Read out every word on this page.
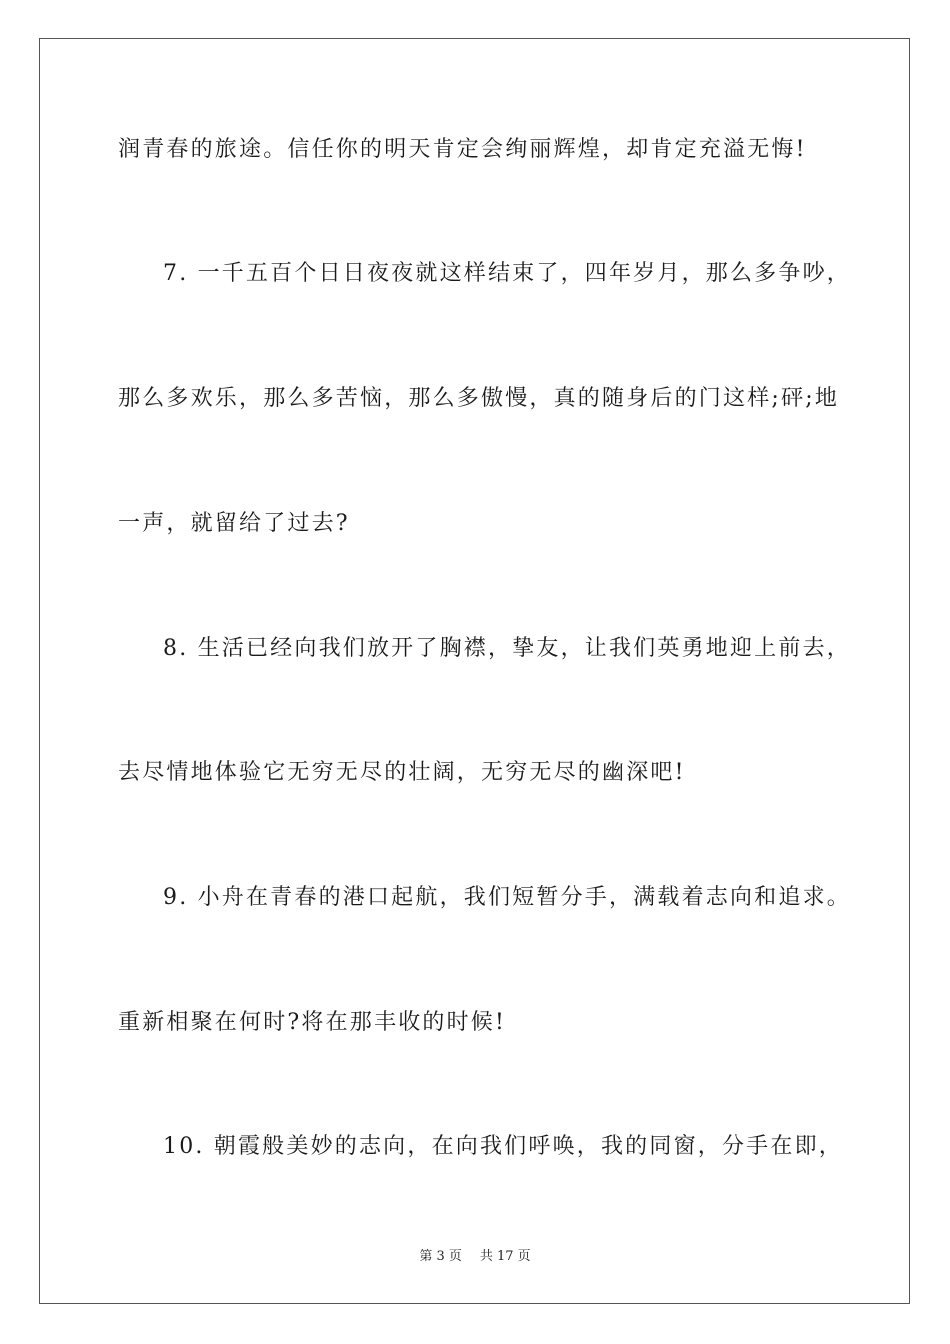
润青春的旅途。信任你的明天肯定会绚丽辉煌，却肯定充溢无悔!
7. 一千五百个日日夜夜就这样结束了，四年岁月，那么多争吵，
那么多欢乐，那么多苦恼，那么多傲慢，真的随身后的门这样;砰;地
一声，就留给了过去?
8. 生活已经向我们放开了胸襟，挚友，让我们英勇地迎上前去，
去尽情地体验它无穷无尽的壮阔，无穷无尽的幽深吧!
9. 小舟在青春的港口起航，我们短暂分手，满载着志向和追求。
重新相聚在何时?将在那丰收的时候!
10. 朝霞般美妙的志向，在向我们呼唤，我的同窗，分手在即，
第 3 页 共 17 页
